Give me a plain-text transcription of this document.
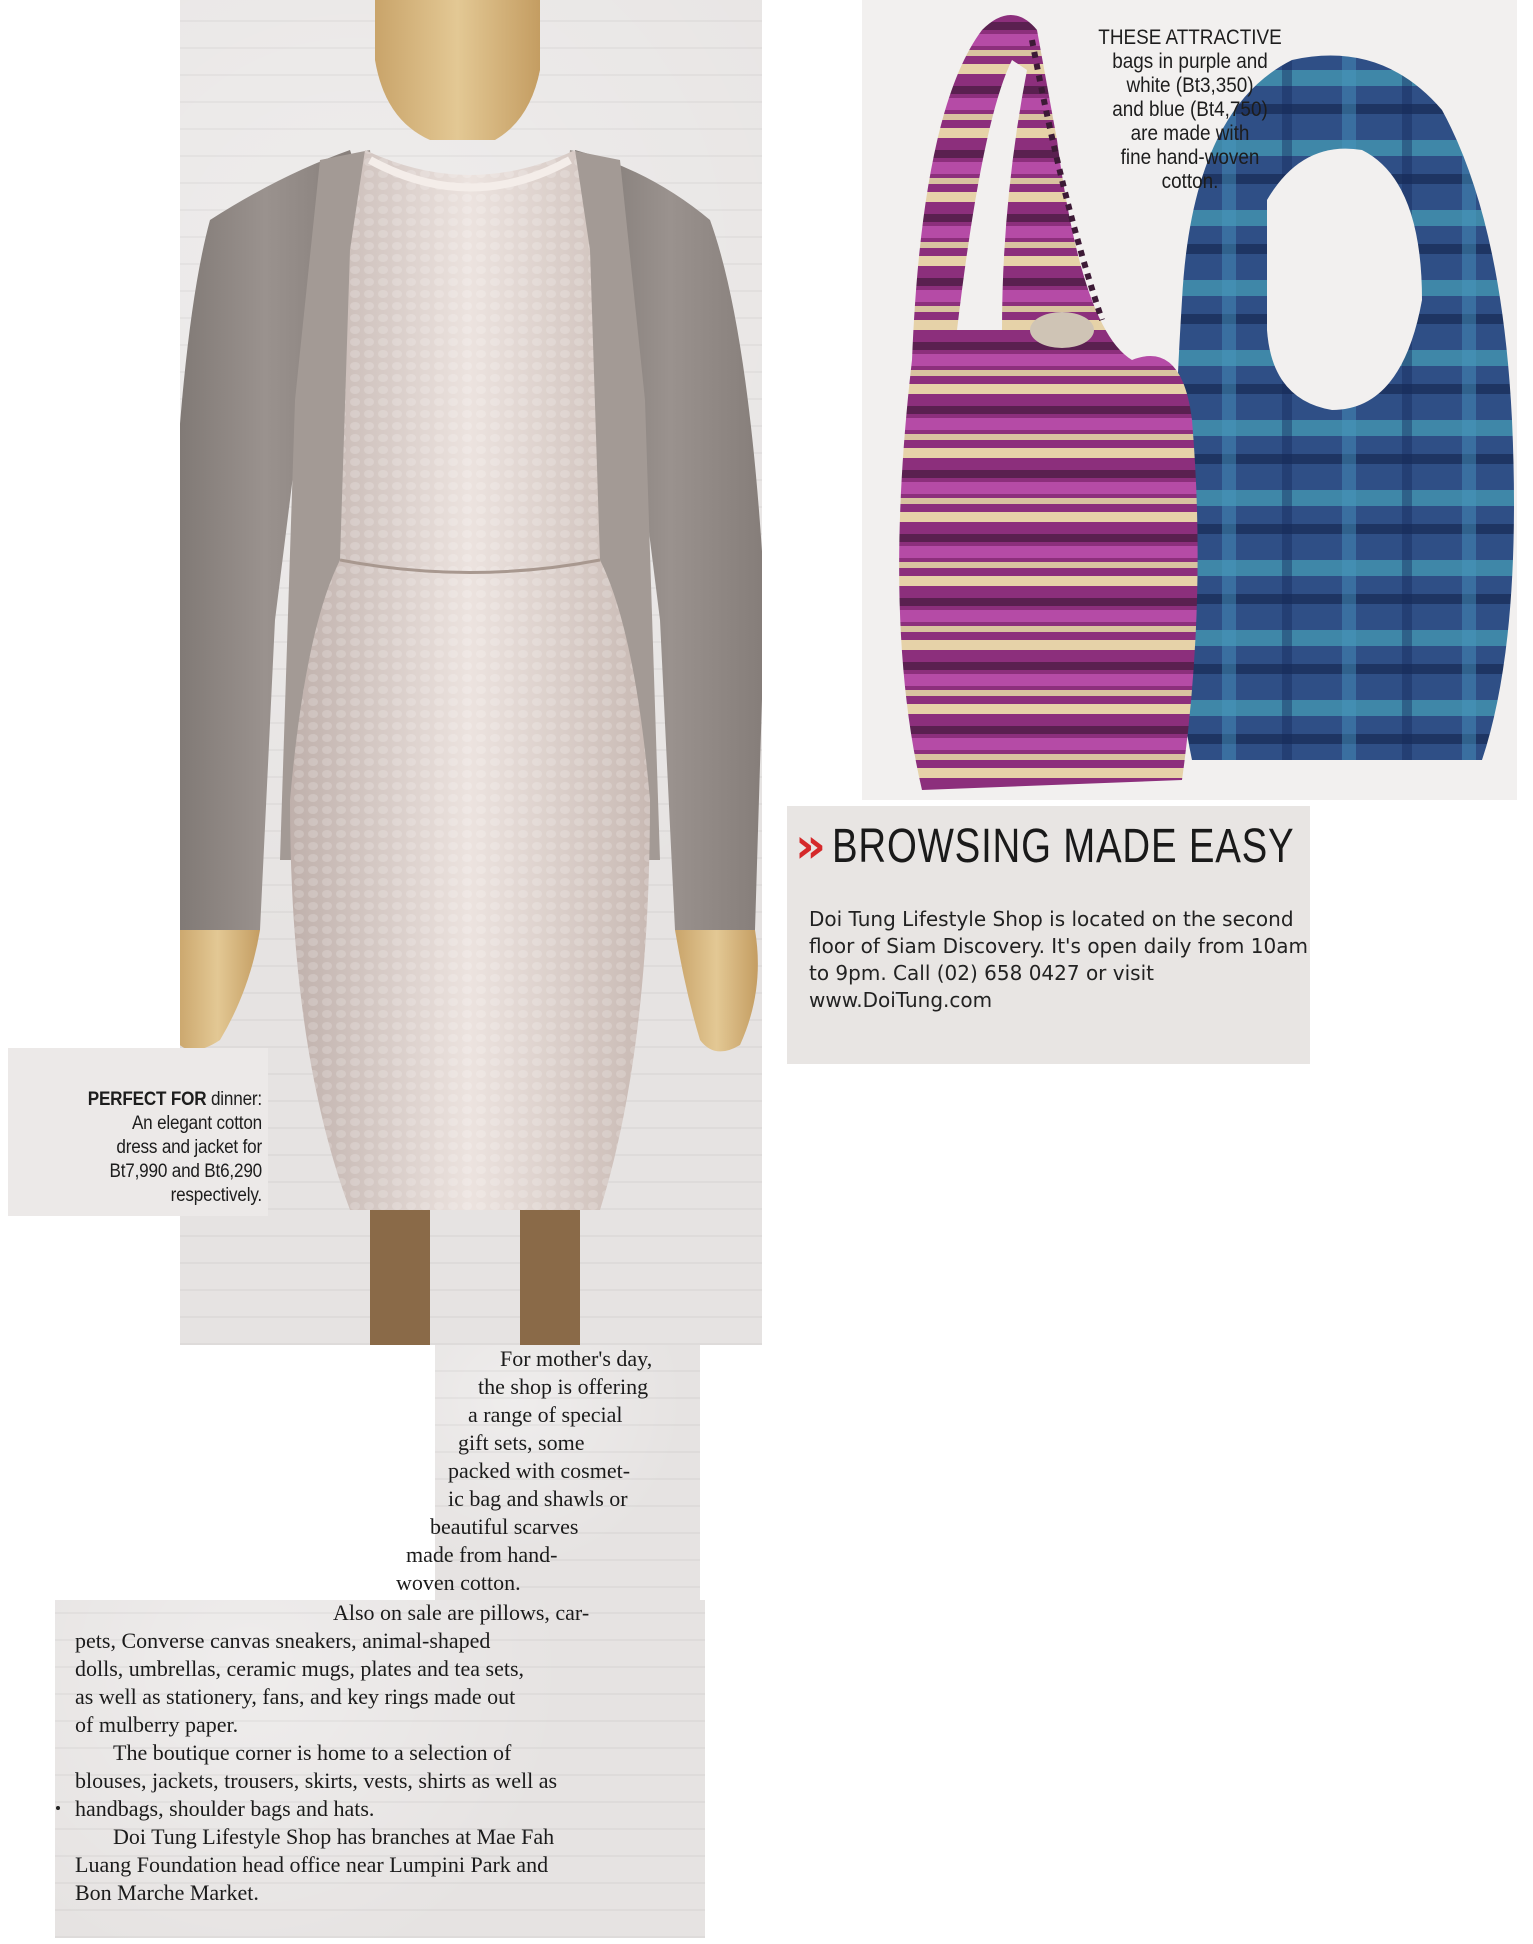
PERFECT FOR dinner:
An elegant cotton
dress and jacket for
Bt7,990 and Bt6,290
respectively.
THESE ATTRACTIVE
bags in purple and
white (Bt3,350)
and blue (Bt4,750)
are made with
fine hand-woven
cotton.
» BROWSING MADE EASY
Doi Tung Lifestyle Shop is located on the second floor of Siam Discovery. It's open daily from 10am to 9pm. Call (02) 658 0427 or visit www.DoiTung.com
For mother's day,
the shop is offering
a range of special
gift sets, some
packed with cosmet-
ic bag and shawls or
beautiful scarves
made from hand-
woven cotton.
Also on sale are pillows, car-
pets, Converse canvas sneakers, animal-shaped
dolls, umbrellas, ceramic mugs, plates and tea sets,
as well as stationery, fans, and key rings made out
of mulberry paper.
The boutique corner is home to a selection of
blouses, jackets, trousers, skirts, vests, shirts as well as
handbags, shoulder bags and hats.
Doi Tung Lifestyle Shop has branches at Mae Fah
Luang Foundation head office near Lumpini Park and
Bon Marche Market.
